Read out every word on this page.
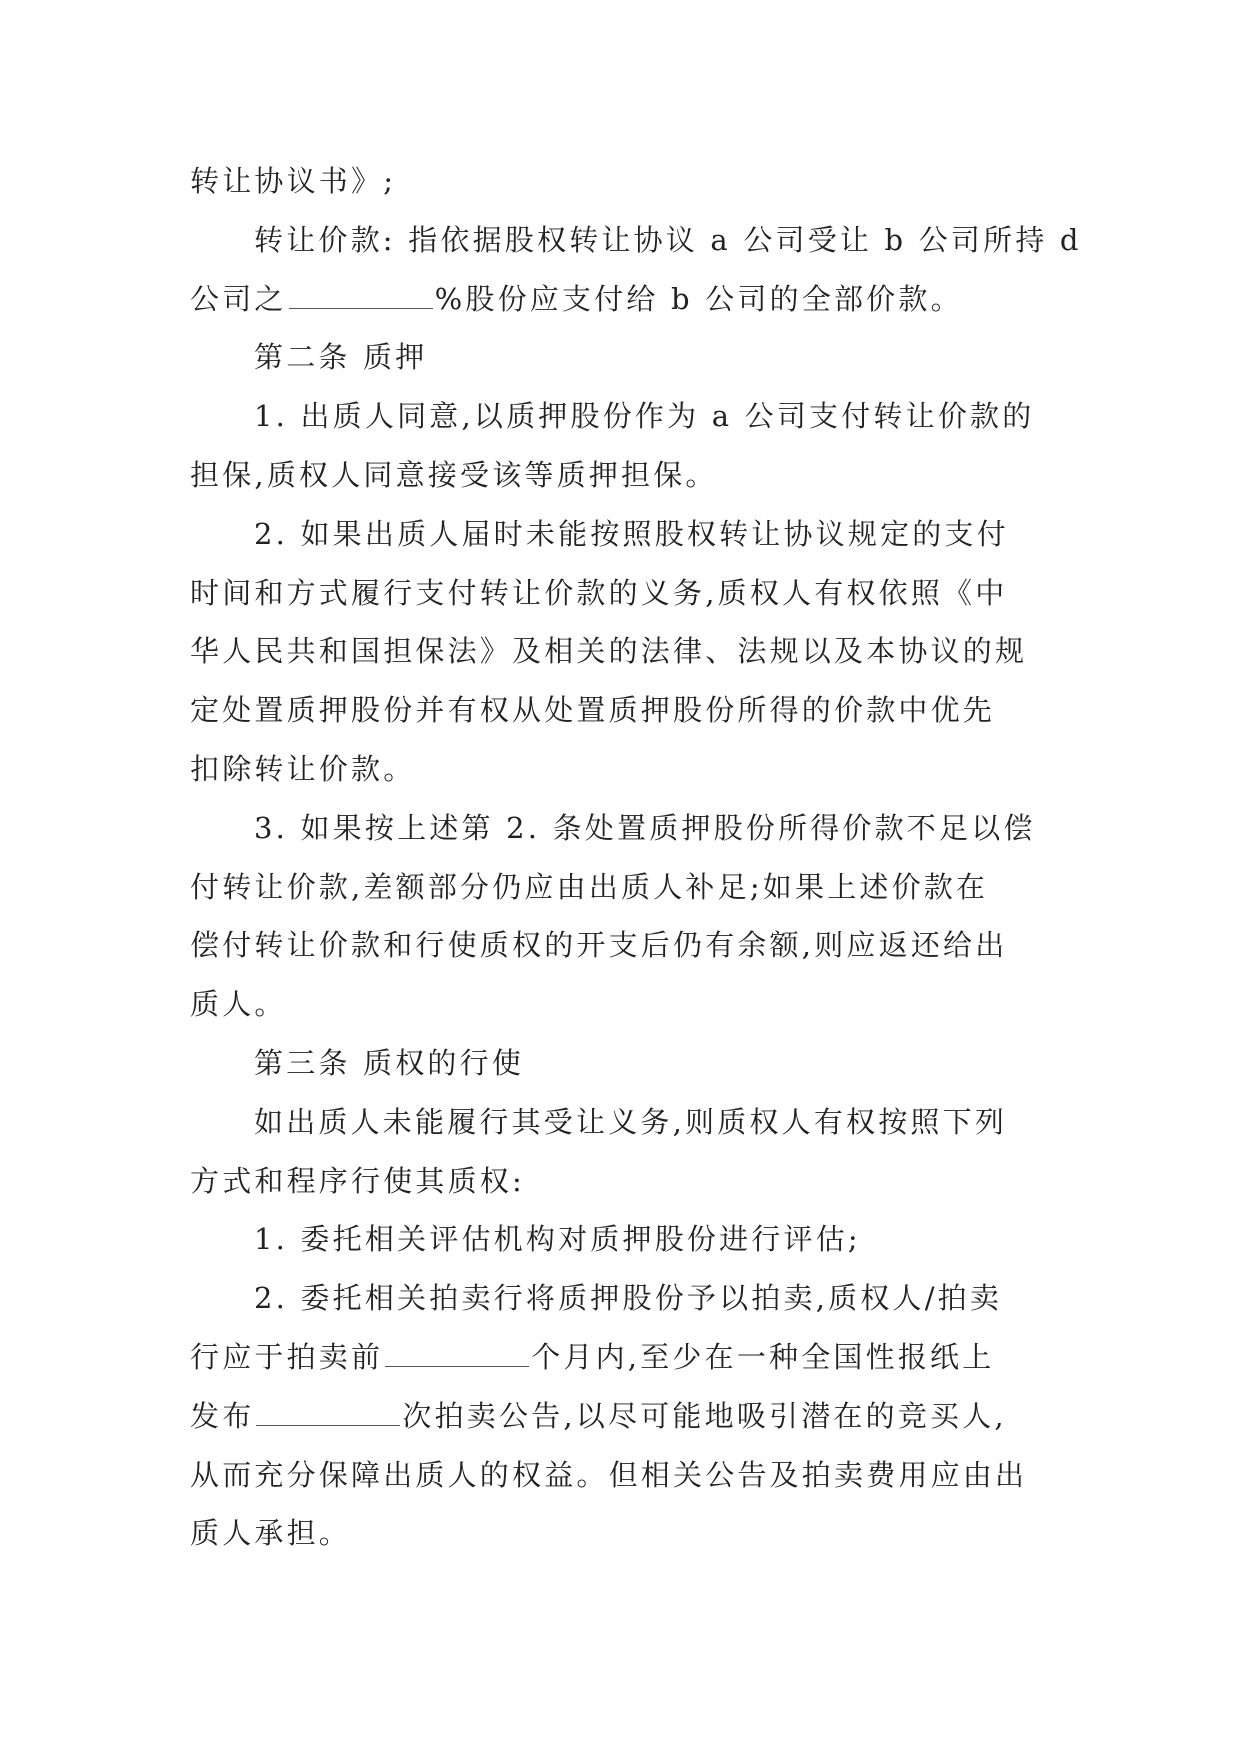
转让协议书》;

转让价款: 指依据股权转让协议 a 公司受让 b 公司所持 d

公司之	%股份应支付给 b 公司的全部价款。

第二条 质押

1. 出质人同意,以质押股份作为 a 公司支付转让价款的

担保,质权人同意接受该等质押担保。

2. 如果出质人届时未能按照股权转让协议规定的支付

时间和方式履行支付转让价款的义务,质权人有权依照《中

华人民共和国担保法》及相关的法律、法规以及本协议的规

定处置质押股份并有权从处置质押股份所得的价款中优先

扣除转让价款。

3. 如果按上述第 2. 条处置质押股份所得价款不足以偿

付转让价款,差额部分仍应由出质人补足;如果上述价款在

偿付转让价款和行使质权的开支后仍有余额,则应返还给出

质人。

第三条 质权的行使

如出质人未能履行其受让义务,则质权人有权按照下列

方式和程序行使其质权:

1. 委托相关评估机构对质押股份进行评估;

2. 委托相关拍卖行将质押股份予以拍卖,质权人/拍卖

行应于拍卖前	个月内,至少在一种全国性报纸上

发布	次拍卖公告,以尽可能地吸引潜在的竞买人,

从而充分保障出质人的权益。但相关公告及拍卖费用应由出

质人承担。
